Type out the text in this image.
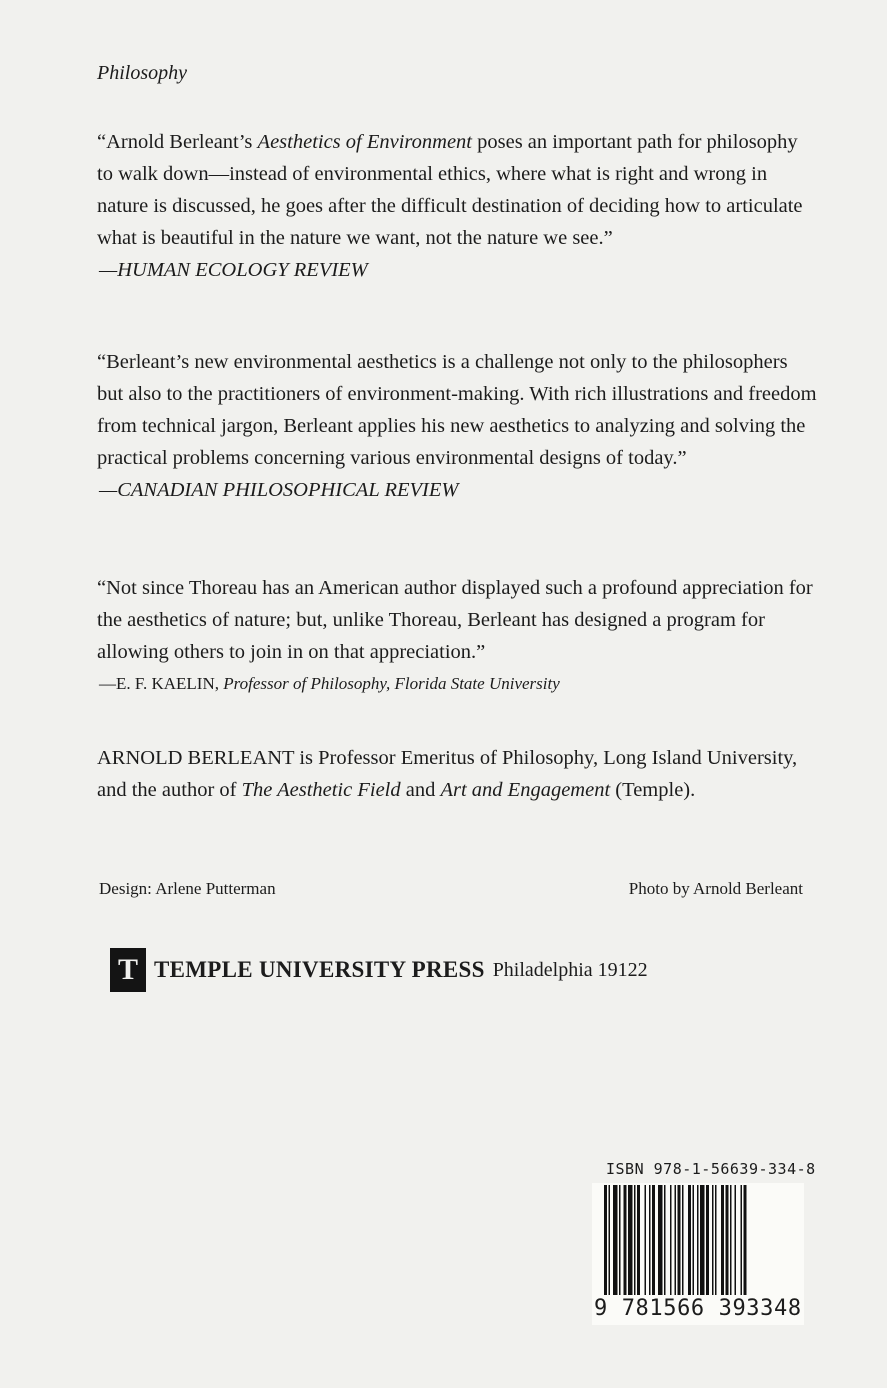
Philosophy

“Arnold Berleant’s Aesthetics of Environment poses an important path for philosophy to walk down—instead of environmental ethics, where what is right and wrong in nature is discussed, he goes after the difficult destination of deciding how to articulate what is beautiful in the nature we want, not the nature we see.”

—HUMAN ECOLOGY REVIEW

“Berleant’s new environmental aesthetics is a challenge not only to the philosophers but also to the practitioners of environment-making. With rich illustrations and freedom from technical jargon, Berleant applies his new aesthetics to analyzing and solving the practical problems concerning various environmental designs of today.”

—CANADIAN PHILOSOPHICAL REVIEW

“Not since Thoreau has an American author displayed such a profound appreciation for the aesthetics of nature; but, unlike Thoreau, Berleant has designed a program for allowing others to join in on that appreciation.”

—E. F. KAELIN, Professor of Philosophy, Florida State University

ARNOLD BERLEANT is Professor Emeritus of Philosophy, Long Island University, and the author of The Aesthetic Field and Art and Engagement (Temple).

Design: Arlene Putterman	Photo by Arnold Berleant
T TEMPLE UNIVERSITY PRESS Philadelphia 19122
ISBN 978-1-56639-334-8
9 781566 393348
